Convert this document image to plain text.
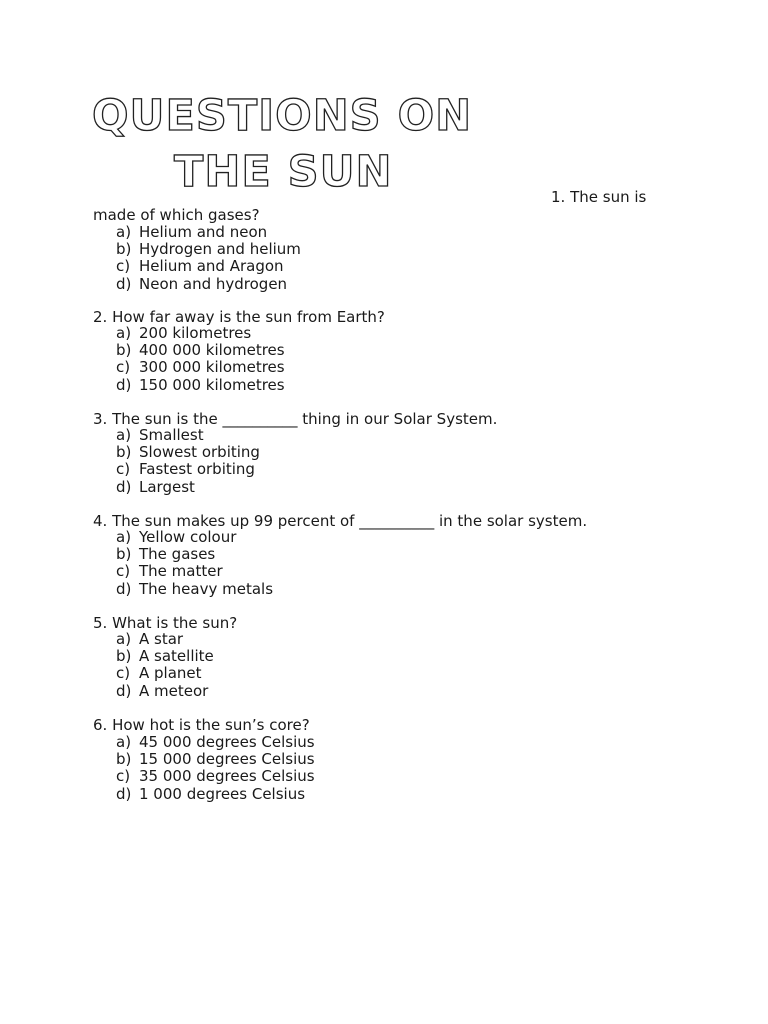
QUESTIONS ON
THE SUN	1. The sun is
made of which gases?
a) Helium and neon
b) Hydrogen and helium
c) Helium and Aragon
d) Neon and hydrogen
2. How far away is the sun from Earth?
a) 200 kilometres
b) 400 000 kilometres
c) 300 000 kilometres
d) 150 000 kilometres
3. The sun is the __________ thing in our Solar System.
a) Smallest
b) Slowest orbiting
c) Fastest orbiting
d) Largest
4. The sun makes up 99 percent of __________ in the solar system.
a) Yellow colour
b) The gases
c) The matter
d) The heavy metals
5. What is the sun?
a) A star
b) A satellite
c) A planet
d) A meteor
6. How hot is the sun’s core?
a) 45 000 degrees Celsius
b) 15 000 degrees Celsius
c) 35 000 degrees Celsius
d) 1 000 degrees Celsius
